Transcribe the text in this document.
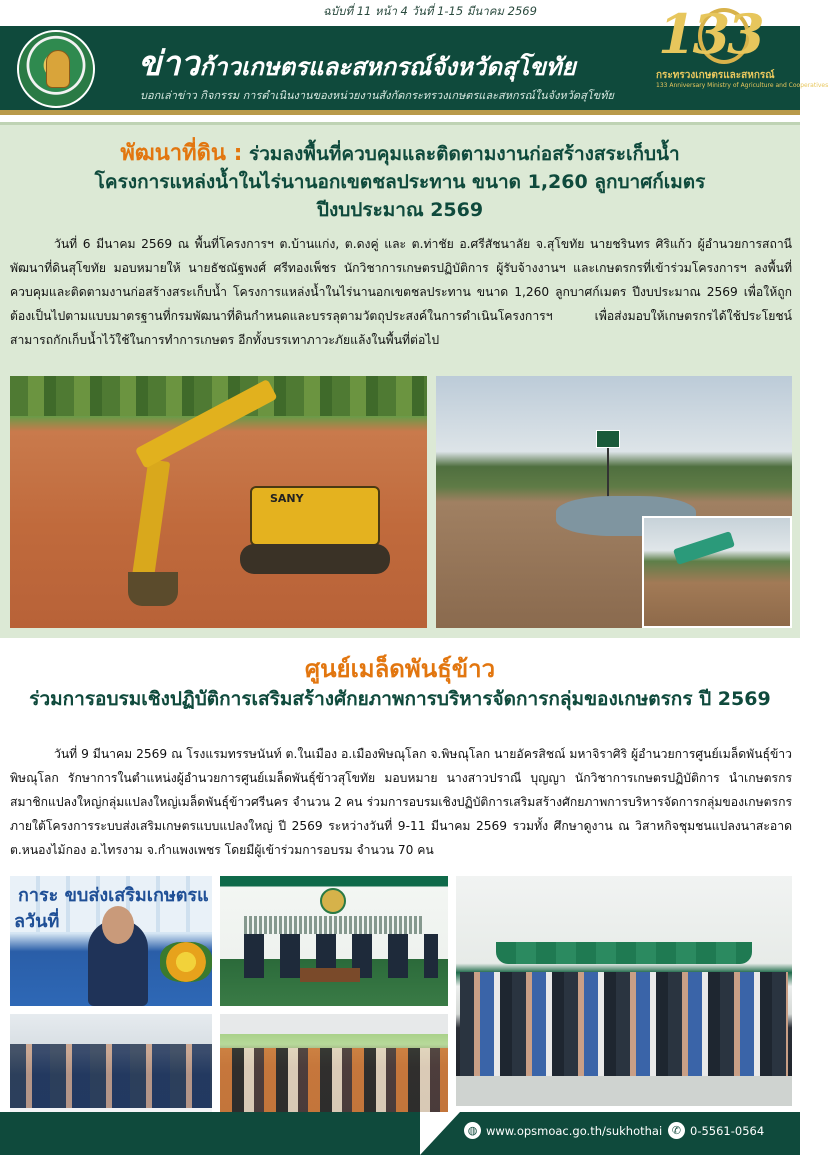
ฉบับที่ 11 หน้า 4 วันที่ 1-15 มีนาคม 2569
ข่าวก้าวเกษตรและสหกรณ์จังหวัดสุโขทัย
บอกเล่าข่าว กิจกรรม การดำเนินงานของหน่วยงานสังกัดกระทรวงเกษตรและสหกรณ์ในจังหวัดสุโขทัย
133
กระทรวงเกษตรและสหกรณ์
133 Anniversary Ministry of Agriculture and Cooperatives
พัฒนาที่ดิน : ร่วมลงพื้นที่ควบคุมและติดตามงานก่อสร้างสระเก็บน้ำ
โครงการแหล่งน้ำในไร่นานอกเขตชลประทาน ขนาด 1,260 ลูกบาศก์เมตร
ปีงบประมาณ 2569

วันที่ 6 มีนาคม 2569 ณ พื้นที่โครงการฯ ต.บ้านแก่ง, ต.ดงคู่ และ ต.ท่าชัย อ.ศรีสัชนาลัย จ.สุโขทัย นายชรินทร ศิริแก้ว ผู้อำนวยการสถานีพัฒนาที่ดินสุโขทัย มอบหมายให้ นายธัชณัฐพงศ์ ศรีทองเพ็ชร นักวิชาการเกษตรปฏิบัติการ ผู้รับจ้างงานฯ และเกษตรกรที่เข้าร่วมโครงการฯ ลงพื้นที่ควบคุมและติดตามงานก่อสร้างสระเก็บน้ำ โครงการแหล่งน้ำในไร่นานอกเขตชลประทาน ขนาด 1,260 ลูกบาศก์เมตร ปีงบประมาณ 2569 เพื่อให้ถูกต้องเป็นไปตามแบบมาตรฐานที่กรมพัฒนาที่ดินกำหนดและบรรลุตามวัตถุประสงค์ในการดำเนินโครงการฯ เพื่อส่งมอบให้เกษตรกรได้ใช้ประโยชน์สามารถกักเก็บน้ำไว้ใช้ในการทำการเกษตร อีกทั้งบรรเทาภาวะภัยแล้งในพื้นที่ต่อไป

SANY
ศูนย์เมล็ดพันธุ์ข้าว
ร่วมการอบรมเชิงปฏิบัติการเสริมสร้างศักยภาพการบริหารจัดการกลุ่มของเกษตรกร ปี 2569

วันที่ 9 มีนาคม 2569 ณ โรงแรมทรรษนันท์ ต.ในเมือง อ.เมืองพิษณุโลก จ.พิษณุโลก นายอัครสิชณ์ มหาจิราศิริ ผู้อำนวยการศูนย์เมล็ดพันธุ์ข้าวพิษณุโลก รักษาการในตำแหน่งผู้อำนวยการศูนย์เมล็ดพันธุ์ข้าวสุโขทัย มอบหมาย นางสาวปราณี บุญญา นักวิชาการเกษตรปฏิบัติการ นำเกษตรกรสมาชิกแปลงใหญ่กลุ่มแปลงใหญ่เมล็ดพันธุ์ข้าวศรีนคร จำนวน 2 คน ร่วมการอบรมเชิงปฏิบัติการเสริมสร้างศักยภาพการบริหารจัดการกลุ่มของเกษตรกร ภายใต้โครงการระบบส่งเสริมเกษตรแบบแปลงใหญ่ ปี 2569 ระหว่างวันที่ 9-11 มีนาคม 2569 รวมทั้ง ศึกษาดูงาน ณ วิสาหกิจชุมชนแปลงนาสะอาด ต.หนองไม้กอง อ.ไทรงาม จ.กำแพงเพชร โดยมีผู้เข้าร่วมการอบรม จำนวน 70 คน

การะ ขบส่งเสริมเกษตรแ
ลวันที่
◍ www.opsmoac.go.th/sukhothai ✆ 0-5561-0564
